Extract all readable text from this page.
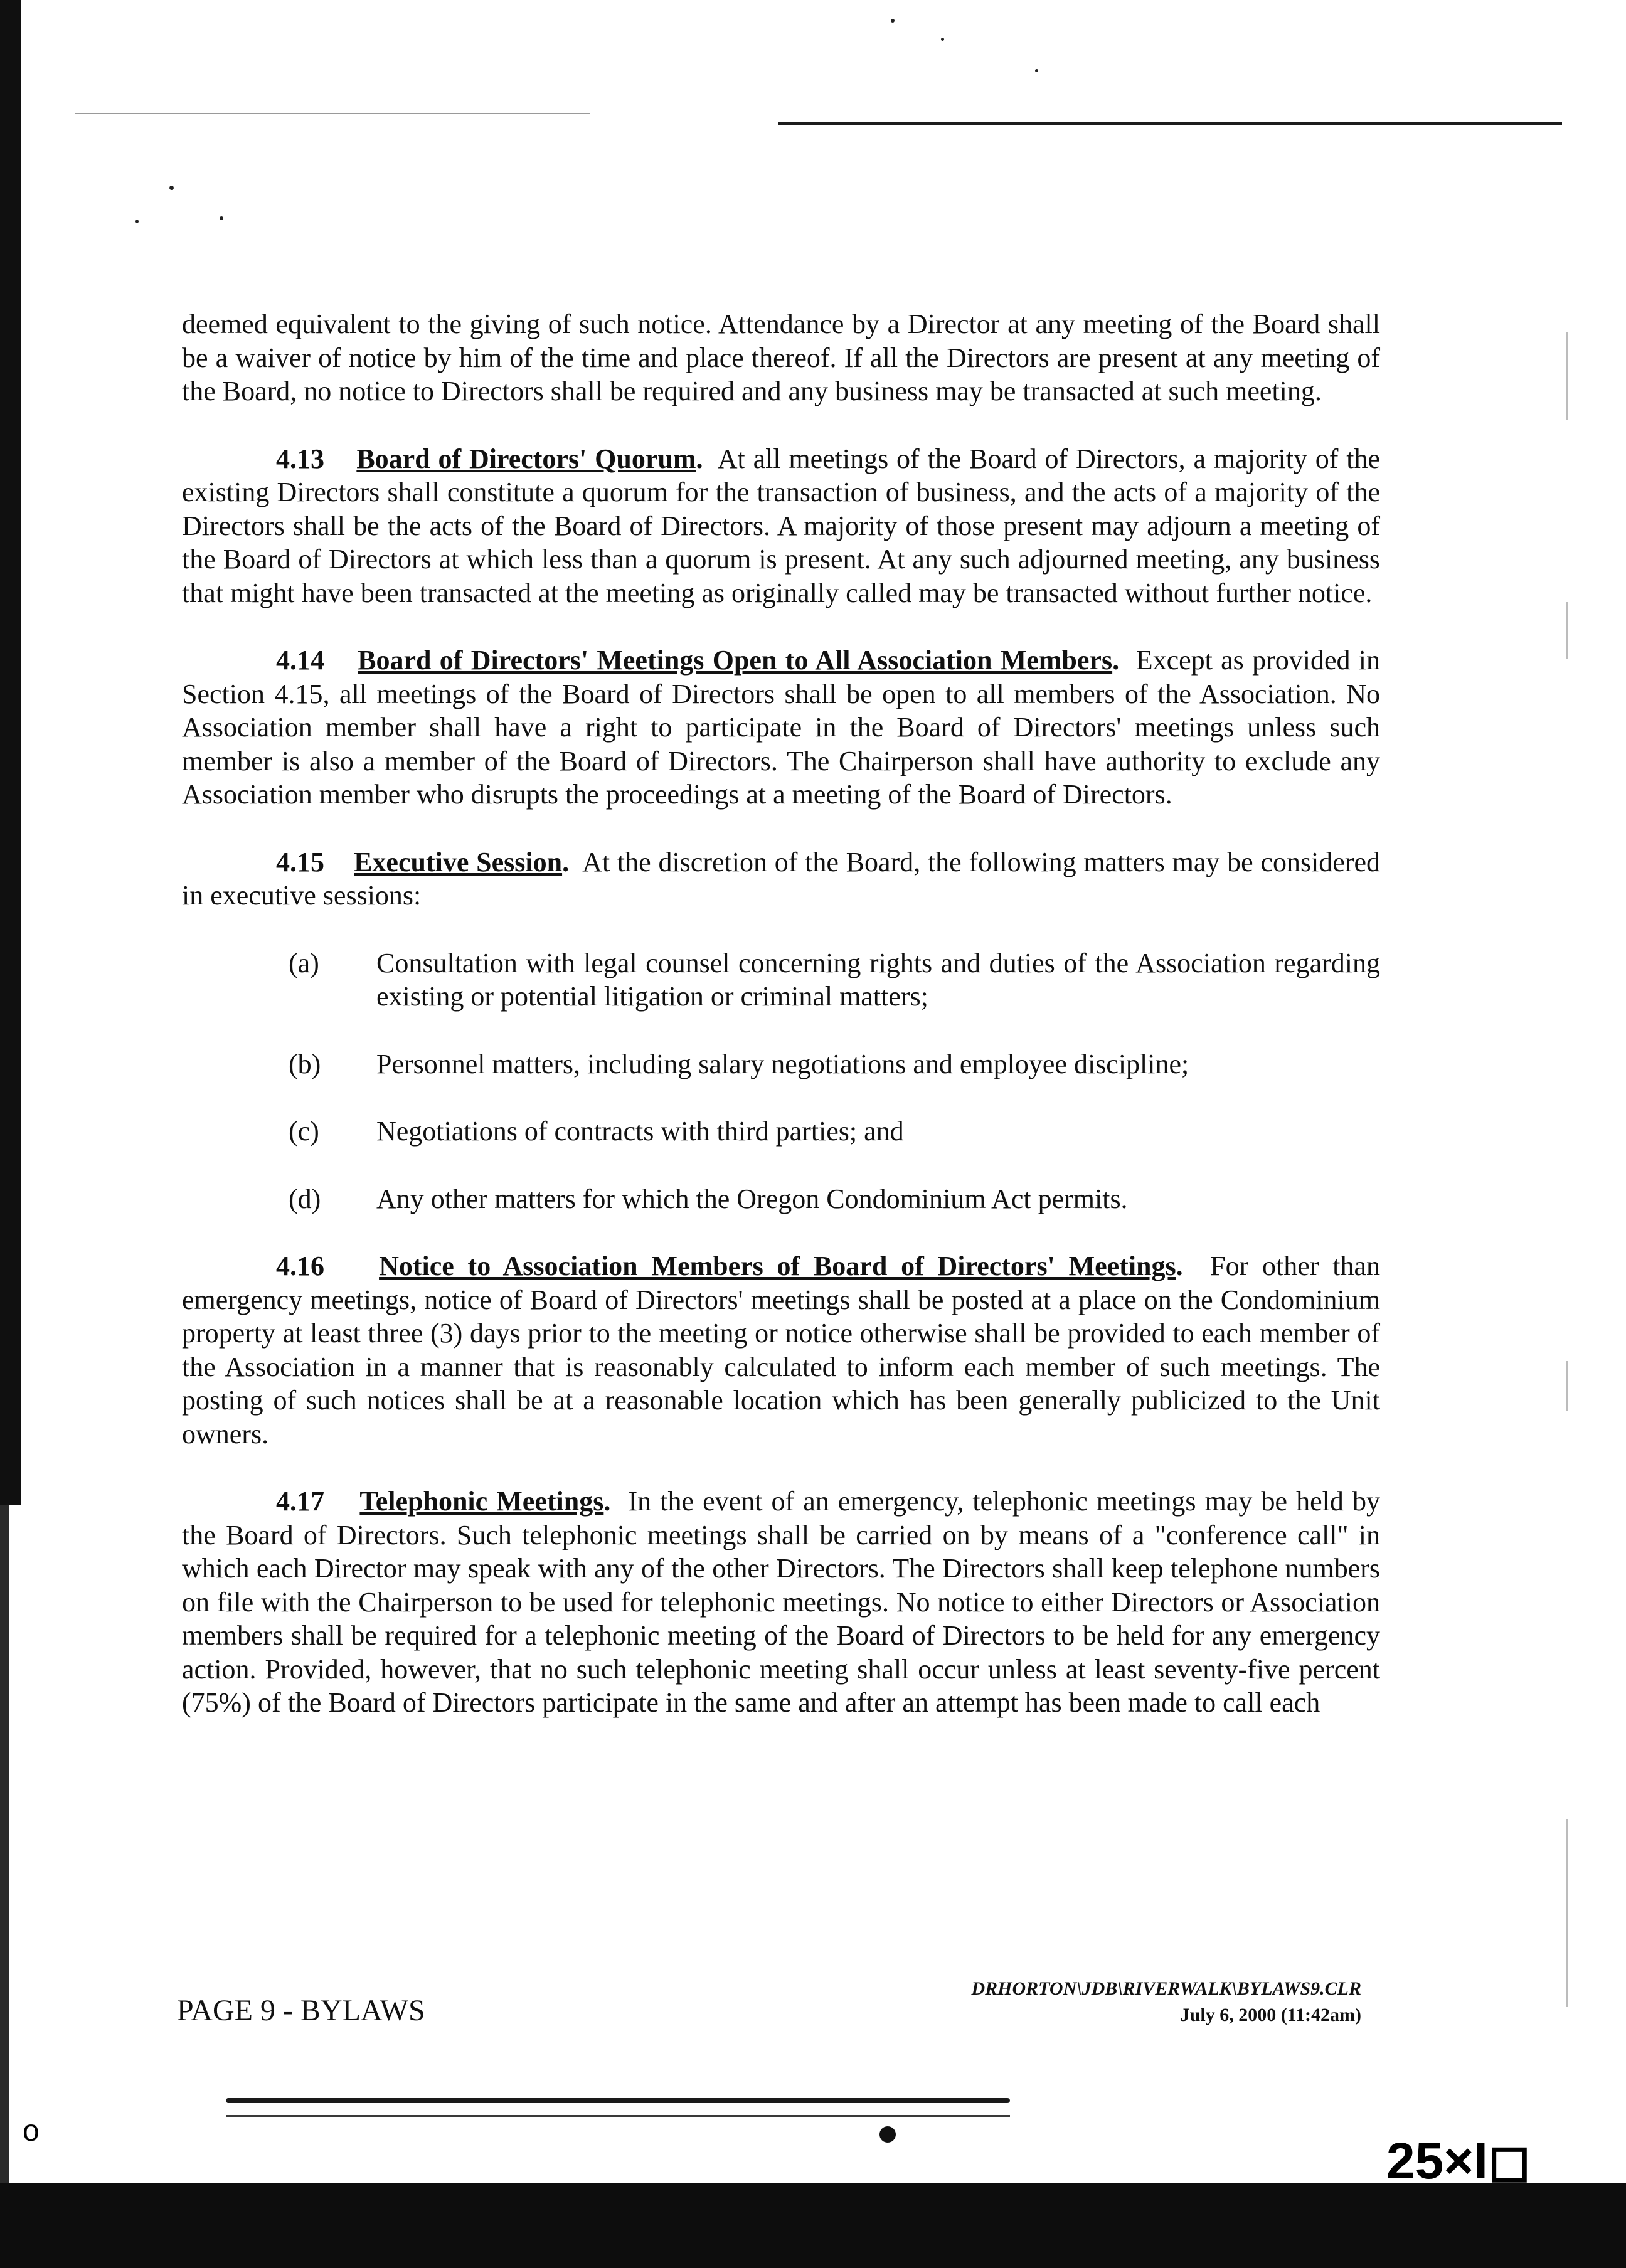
o

deemed equivalent to the giving of such notice. Attendance by a Director at any meeting of the Board shall be a waiver of notice by him of the time and place thereof. If all the Directors are present at any meeting of the Board, no notice to Directors shall be required and any business may be transacted at such meeting.

4.13 Board of Directors' Quorum. At all meetings of the Board of Directors, a majority of the existing Directors shall constitute a quorum for the transaction of business, and the acts of a majority of the Directors shall be the acts of the Board of Directors. A majority of those present may adjourn a meeting of the Board of Directors at which less than a quorum is present. At any such adjourned meeting, any business that might have been transacted at the meeting as originally called may be transacted without further notice.

4.14 Board of Directors' Meetings Open to All Association Members. Except as provided in Section 4.15, all meetings of the Board of Directors shall be open to all members of the Association. No Association member shall have a right to participate in the Board of Directors' meetings unless such member is also a member of the Board of Directors. The Chairperson shall have authority to exclude any Association member who disrupts the proceedings at a meeting of the Board of Directors.

4.15 Executive Session. At the discretion of the Board, the following matters may be considered in executive sessions:

(a)	Consultation with legal counsel concerning rights and duties of the Association regarding existing or potential litigation or criminal matters;
(b)	Personnel matters, including salary negotiations and employee discipline;
(c)	Negotiations of contracts with third parties; and
(d)	Any other matters for which the Oregon Condominium Act permits.

4.16 Notice to Association Members of Board of Directors' Meetings. For other than emergency meetings, notice of Board of Directors' meetings shall be posted at a place on the Condominium property at least three (3) days prior to the meeting or notice otherwise shall be provided to each member of the Association in a manner that is reasonably calculated to inform each member of such meetings. The posting of such notices shall be at a reasonable location which has been generally publicized to the Unit owners.

4.17 Telephonic Meetings. In the event of an emergency, telephonic meetings may be held by the Board of Directors. Such telephonic meetings shall be carried on by means of a "conference call" in which each Director may speak with any of the other Directors. The Directors shall keep telephone numbers on file with the Chairperson to be used for telephonic meetings. No notice to either Directors or Association members shall be required for a telephonic meeting of the Board of Directors to be held for any emergency action. Provided, however, that no such telephonic meeting shall occur unless at least seventy-five percent (75%) of the Board of Directors participate in the same and after an attempt has been made to call each

PAGE 9 - BYLAWS
DRHORTON\JDB\RIVERWALK\BYLAWS9.CLR
July 6, 2000 (11:42am)
25×I◻
